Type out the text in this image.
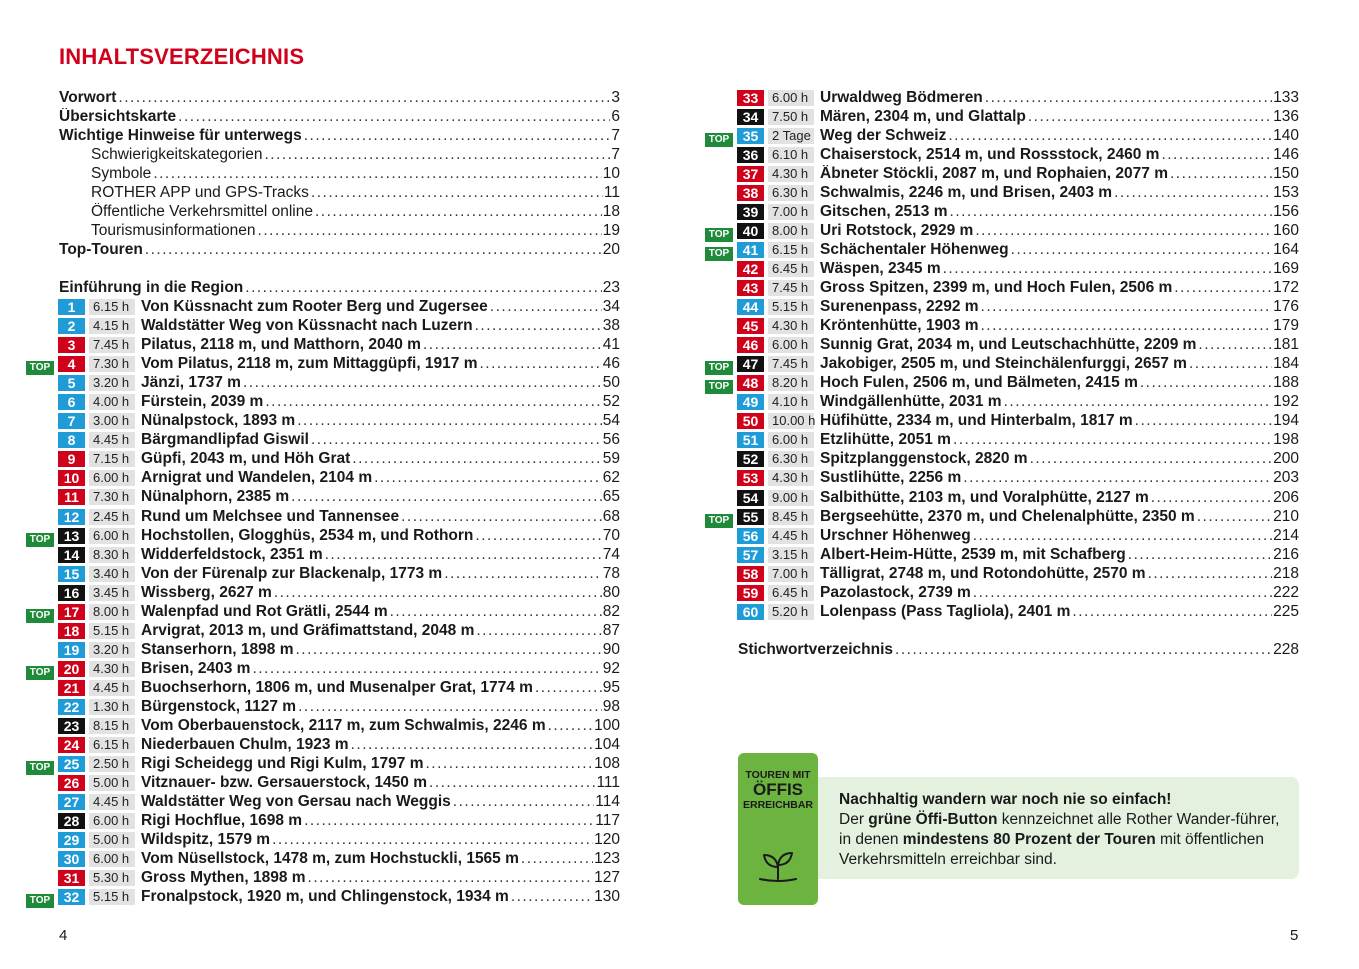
INHALTSVERZEICHNIS
Vorwort .....	3
Übersichtskarte .....	6
Wichtige Hinweise für unterwegs .....	7
Schwierigkeitskategorien .....	7
Symbole .....	10
ROTHER APP und GPS-Tracks .....	11
Öffentliche Verkehrsmittel online .....	18
Tourismusinformationen .....	19
Top-Touren .....	20
Einführung in die Region .....	23
1	6.15 h Von Küssnacht zum Rooter Berg und Zugersee .....	34
2	4.15 h Waldstätter Weg von Küssnacht nach Luzern .....	38
3	7.45 h Pilatus, 2118 m, und Matthorn, 2040 m .....	41
TOP	4	7.30 h Vom Pilatus, 2118 m, zum Mittaggüpfi, 1917 m .....	46
5	3.20 h Jänzi, 1737 m .....	50
6	4.00 h Fürstein, 2039 m .....	52
7	3.00 h Nünalpstock, 1893 m .....	54
8	4.45 h Bärgmandlipfad Giswil .....	56
9	7.15 h Güpfi, 2043 m, und Höh Grat .....	59
10	6.00 h Arnigrat und Wandelen, 2104 m .....	62
11	7.30 h Nünalphorn, 2385 m .....	65
12	2.45 h Rund um Melchsee und Tannensee .....	68
TOP 13	6.00 h Hochstollen, Glogghüs, 2534 m, und Rothorn .....	70
14	8.30 h Widderfeldstock, 2351 m .....	74
15	3.40 h Von der Fürenalp zur Blackenalp, 1773 m .....	78
16	3.45 h Wissberg, 2627 m .....	80
TOP 17	8.00 h Walenpfad und Rot Grätli, 2544 m .....	82
18	5.15 h Arvigrat, 2013 m, und Gräfimattstand, 2048 m .....	87
19	3.20 h Stanserhorn, 1898 m .....	90
TOP 20	4.30 h Brisen, 2403 m .....	92
21	4.45 h Buochserhorn, 1806 m, und Musenalper Grat, 1774 m .....	95
22	1.30 h Bürgenstock, 1127 m .....	98
23	8.15 h Vom Oberbauenstock, 2117 m, zum Schwalmis, 2246 m .....	100
24	6.15 h Niederbauen Chulm, 1923 m .....	104
TOP 25	2.50 h Rigi Scheidegg und Rigi Kulm, 1797 m .....	108
26	5.00 h Vitznauer- bzw. Gersauerstock, 1450 m .....	111
27	4.45 h Waldstätter Weg von Gersau nach Weggis .....	114
28	6.00 h Rigi Hochflue, 1698 m .....	117
29	5.00 h Wildspitz, 1579 m .....	120
30	6.00 h Vom Nüsellstock, 1478 m, zum Hochstuckli, 1565 m .....	123
31	5.30 h Gross Mythen, 1898 m .....	127
TOP 32	5.15 h Fronalpstock, 1920 m, und Chlingenstock, 1934 m .....	130
33	6.00 h Urwaldweg Bödmeren .....	133
34	7.50 h Mären, 2304 m, und Glattalp .....	136
TOP 35	2 Tage Weg der Schweiz .....	140
36	6.10 h Chaiserstock, 2514 m, und Rossstock, 2460 m .....	146
37	4.30 h Äbneter Stöckli, 2087 m, und Rophaien, 2077 m .....	150
38	6.30 h Schwalmis, 2246 m, und Brisen, 2403 m .....	153
39	7.00 h Gitschen, 2513 m .....	156
TOP 40	8.00 h Uri Rotstock, 2929 m .....	160
TOP 41	6.15 h Schächentaler Höhenweg .....	164
42	6.45 h Wäspen, 2345 m .....	169
43	7.45 h Gross Spitzen, 2399 m, und Hoch Fulen, 2506 m .....	172
44	5.15 h Surenenpass, 2292 m .....	176
45	4.30 h Kröntenhütte, 1903 m .....	179
46	6.00 h Sunnig Grat, 2034 m, und Leutschachhütte, 2209 m .....	181
TOP 47	7.45 h Jakobiger, 2505 m, und Steinchälenfurggi, 2657 m .....	184
TOP 48	8.20 h Hoch Fulen, 2506 m, und Bälmeten, 2415 m .....	188
49	4.10 h Windgällenhütte, 2031 m .....	192
50	10.00 h Hüfihütte, 2334 m, und Hinterbalm, 1817 m .....	194
51	6.00 h Etzlihütte, 2051 m .....	198
52	6.30 h Spitzplanggenstock, 2820 m .....	200
53	4.30 h Sustlihütte, 2256 m .....	203
54	9.00 h Salbithütte, 2103 m, und Voralphütte, 2127 m .....	206
TOP 55	8.45 h Bergseehütte, 2370 m, und Chelenalphütte, 2350 m .....	210
56	4.45 h Urschner Höhenweg .....	214
57	3.15 h Albert-Heim-Hütte, 2539 m, mit Schafberg .....	216
58	7.00 h Tälligrat, 2748 m, und Rotondohütte, 2570 m .....	218
59	6.45 h Pazolastock, 2739 m .....	222
60	5.20 h Lolenpass (Pass Tagliola), 2401 m .....	225
Stichwortverzeichnis .....	228
Nachhaltig wandern war noch nie so einfach!
Der grüne Öffi-Button kennzeichnet alle Rother Wander-führer, in denen mindestens 80 Prozent der Touren mit öffentlichen Verkehrsmitteln erreichbar sind.
TOUREN MIT
ÖFFIS
ERREICHBAR
4	5
